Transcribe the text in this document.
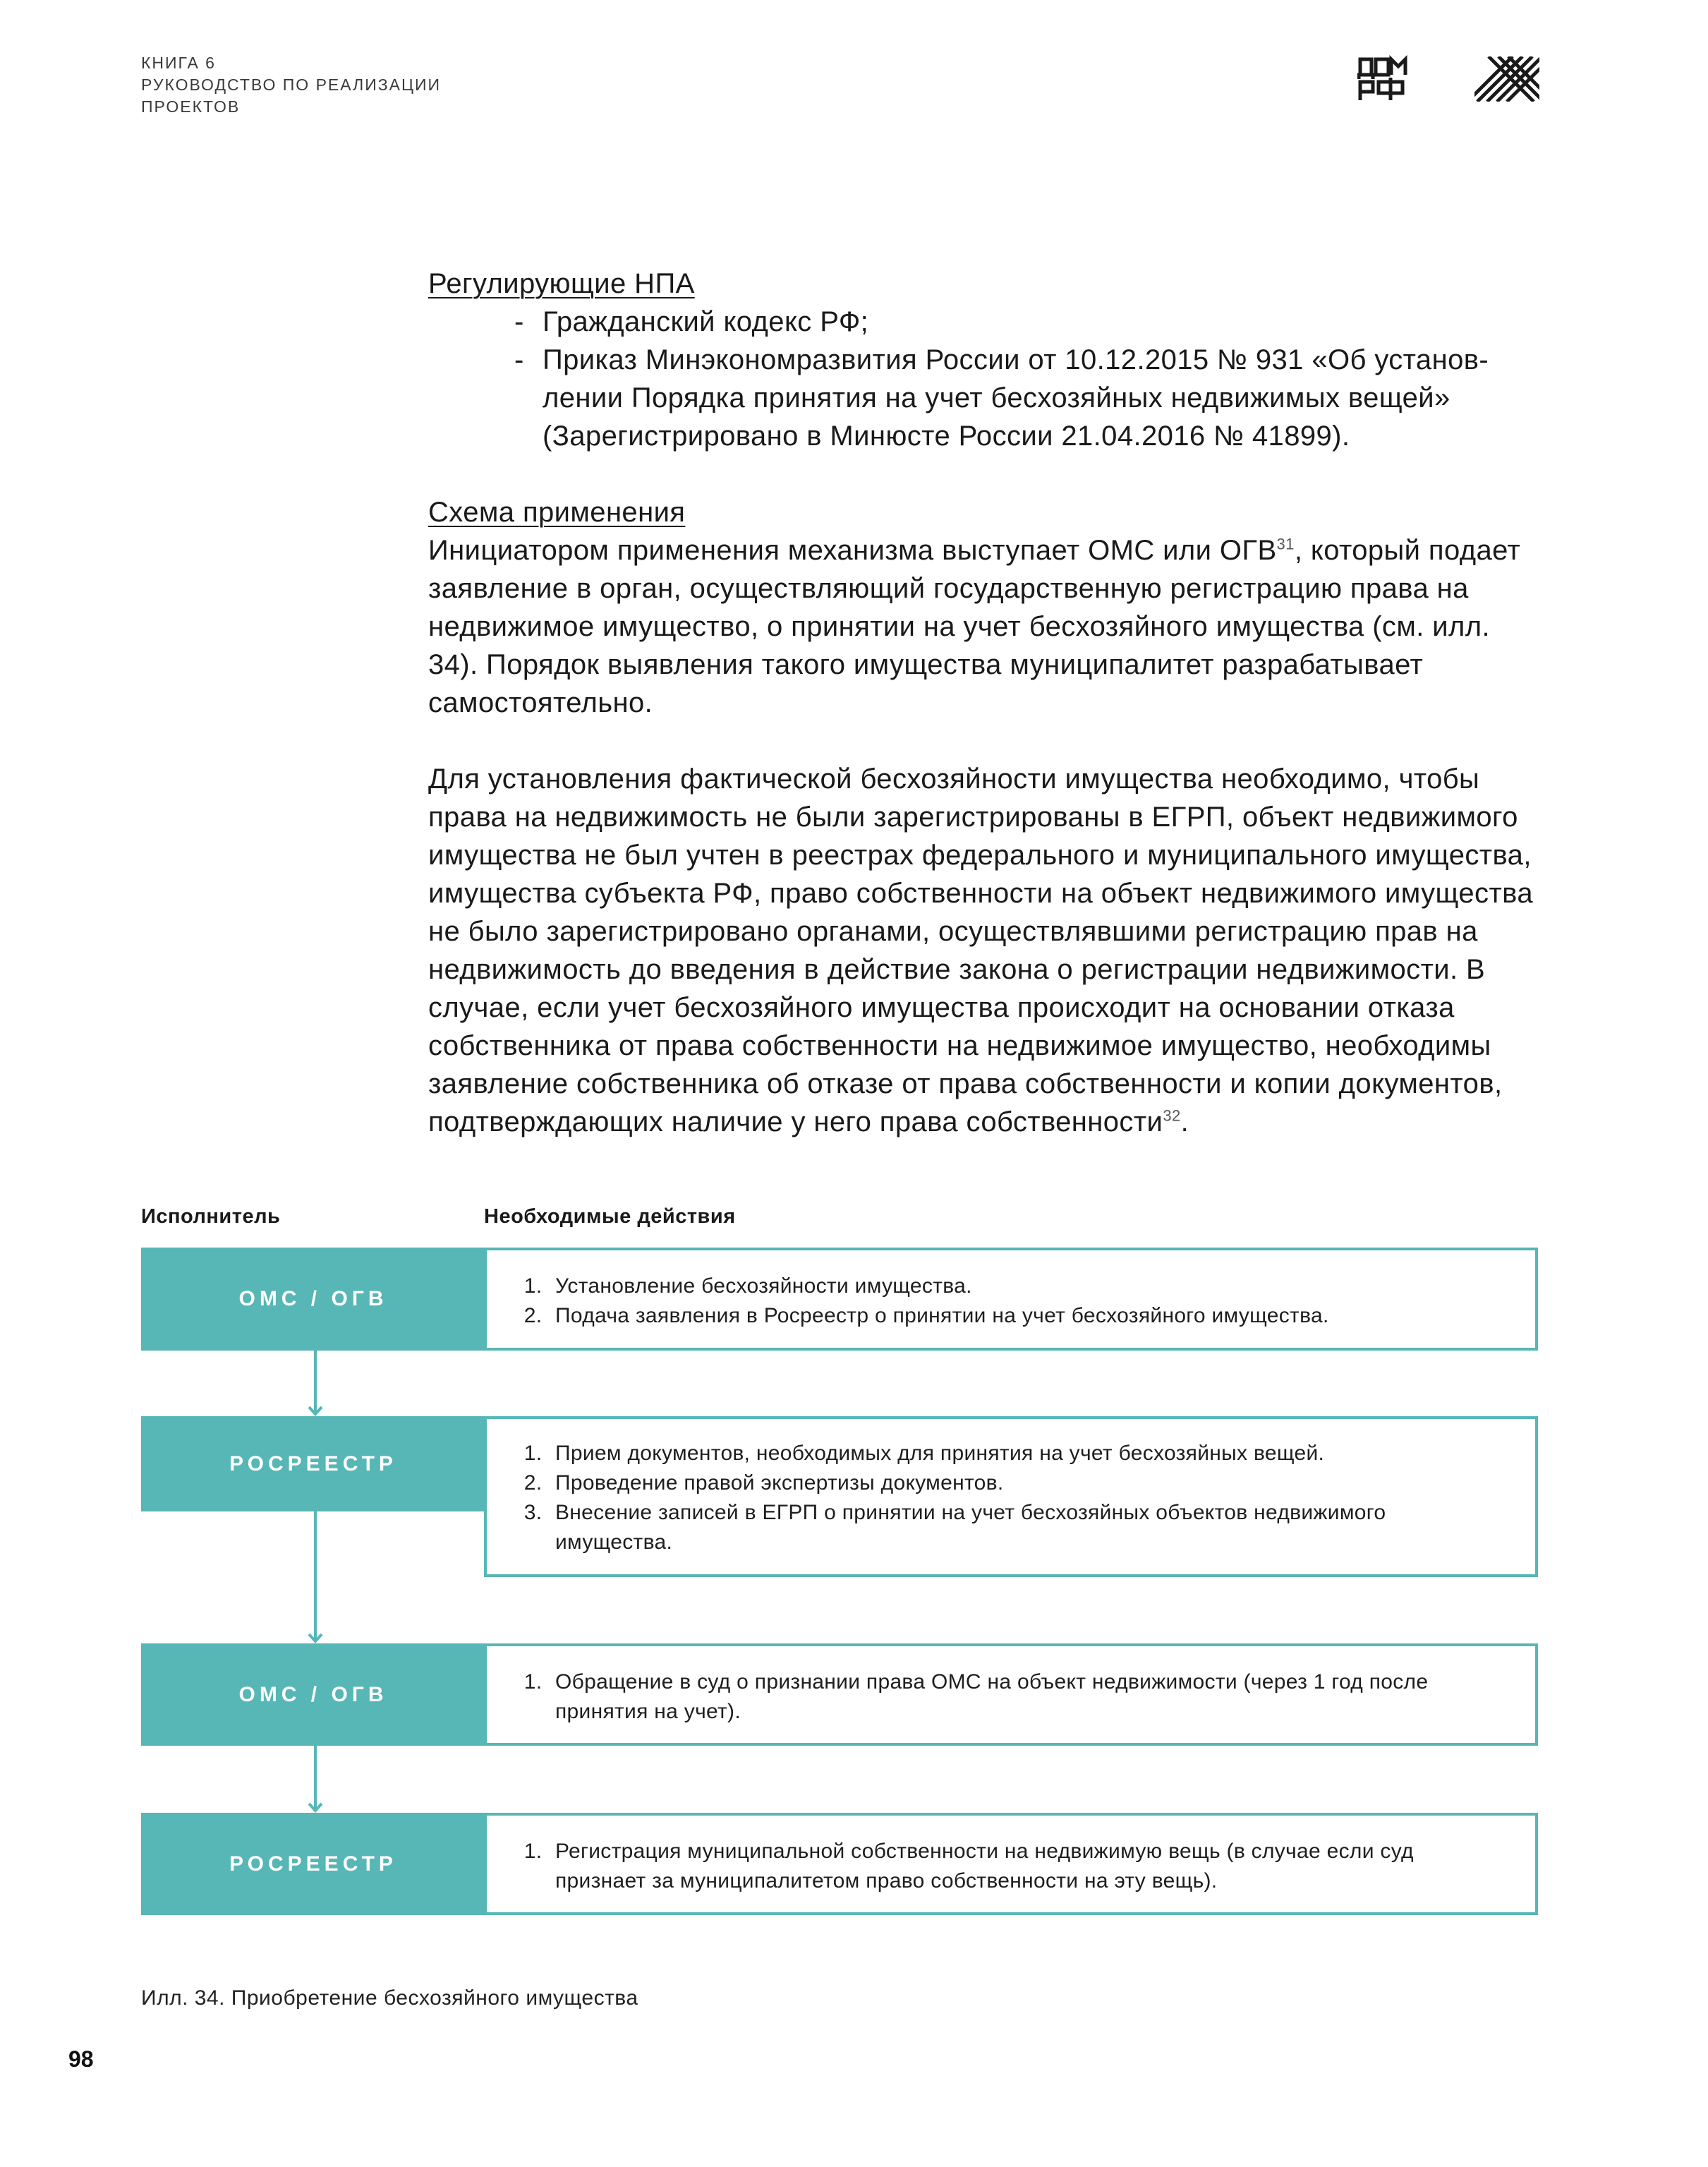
КНИГА 6
РУКОВОДСТВО ПО РЕАЛИЗАЦИИ
ПРОЕКТОВ

Регулирующие НПА

- Гражданский кодекс РФ;
- Приказ Минэкономразвития России от 10.12.2015 № 931 «Об установ-лении Порядка принятия на учет бесхозяйных недвижимых вещей» (Зарегистрировано в Минюсте России 21.04.2016 № 41899).

Схема применения

Инициатором применения механизма выступает ОМС или ОГВ$^{31}$, который подает заявление в орган, осуществляющий государственную регистрацию права на недвижимое имущество, о принятии на учет бесхозяйного имущества (см. илл. 34). Порядок выявления такого имущества муниципалитет разрабатывает самостоятельно.

Для установления фактической бесхозяйности имущества необходимо, чтобы права на недвижимость не были зарегистрированы в ЕГРП, объект недвижимого имущества не был учтен в реестрах федерального и муниципального имущества, имущества субъекта РФ, право собственности на объект недвижимого имущества не было зарегистрировано органами, осуществлявшими регистрацию прав на недвижимость до введения в действие закона о регистрации недвижимости. В случае, если учет бесхозяйного имущества происходит на основании отказа собственника от права собственности на недвижимое имущество, необходимы заявление собственника об отказе от права собственности и копии документов, подтверждающих наличие у него права собственности$^{32}$.

Исполнитель	Необходимые действия
ОМС / ОГВ
1. Установление бесхозяйности имущества.
2. Подача заявления в Росреестр о принятии на учет бесхозяйного имущества.
РОСРЕЕСТР
1.	Прием документов, необходимых для принятия на учет бесхозяйных вещей.
2. Проведение правой экспертизы документов.
3. Внесение записей в ЕГРП о принятии на учет бесхозяйных объектов недвижимого имущества.
ОМС / ОГВ
1. Обращение в суд о признании права ОМС на объект недвижимости (через 1 год после принятия на учет).
РОСРЕЕСТР
1. Регистрация муниципальной собственности на недвижимую вещь (в случае если суд признает за муниципалитетом право собственности на эту вещь).
Илл. 34. Приобретение бесхозяйного имущества
98
